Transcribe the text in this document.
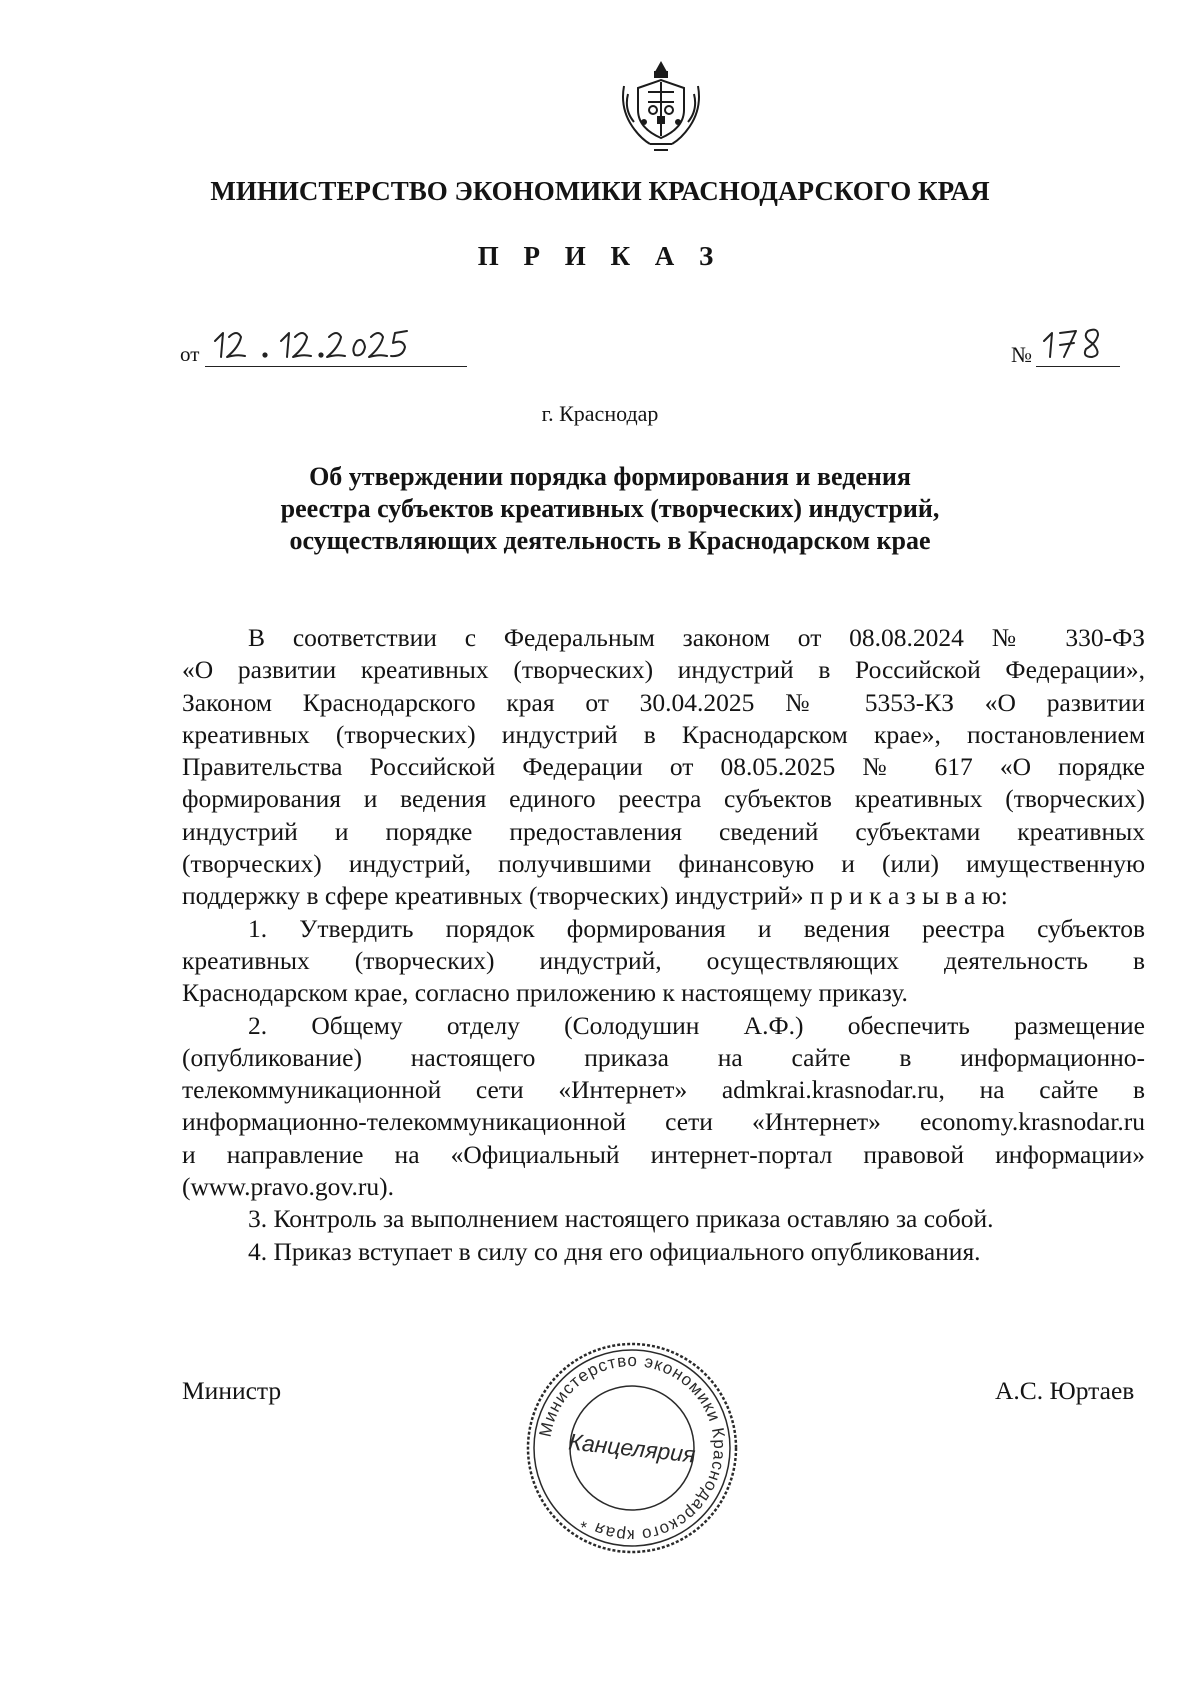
МИНИСТЕРСТВО ЭКОНОМИКИ КРАСНОДАРСКОГО КРАЯ
П Р И К А З
от	№
г. Краснодар
Об утверждении порядка формирования и ведения
реестра субъектов креативных (творческих) индустрий,
осуществляющих деятельность в Краснодарском крае

В соответствии с Федеральным законом от 08.08.2024 № 330-ФЗ

«О развитии креативных (творческих) индустрий в Российской Федерации»,

Законом Краснодарского края от 30.04.2025 № 5353-КЗ «О развитии

креативных (творческих) индустрий в Краснодарском крае», постановлением

Правительства Российской Федерации от 08.05.2025 № 617 «О порядке

формирования и ведения единого реестра субъектов креативных (творческих)

индустрий и порядке предоставления сведений субъектами креативных

(творческих) индустрий, получившими финансовую и (или) имущественную

поддержку в сфере креативных (творческих) индустрий» п р и к а з ы в а ю:

1. Утвердить порядок формирования и ведения реестра субъектов

креативных (творческих) индустрий, осуществляющих деятельность в

Краснодарском крае, согласно приложению к настоящему приказу.

2. Общему отделу (Солодушин А.Ф.) обеспечить размещение

(опубликование) настоящего приказа на сайте в информационно-

телекоммуникационной сети «Интернет» admkrai.krasnodar.ru, на сайте в

информационно-телекоммуникационной сети «Интернет» economy.krasnodar.ru

и направление на «Официальный интернет-портал правовой информации»

(www.pravo.gov.ru).

3. Контроль за выполнением настоящего приказа оставляю за собой.

4. Приказ вступает в силу со дня его официального опубликования.

Министр	А.С. Юртаев
Министерство экономики Краснодарского края *
Канцелярия
